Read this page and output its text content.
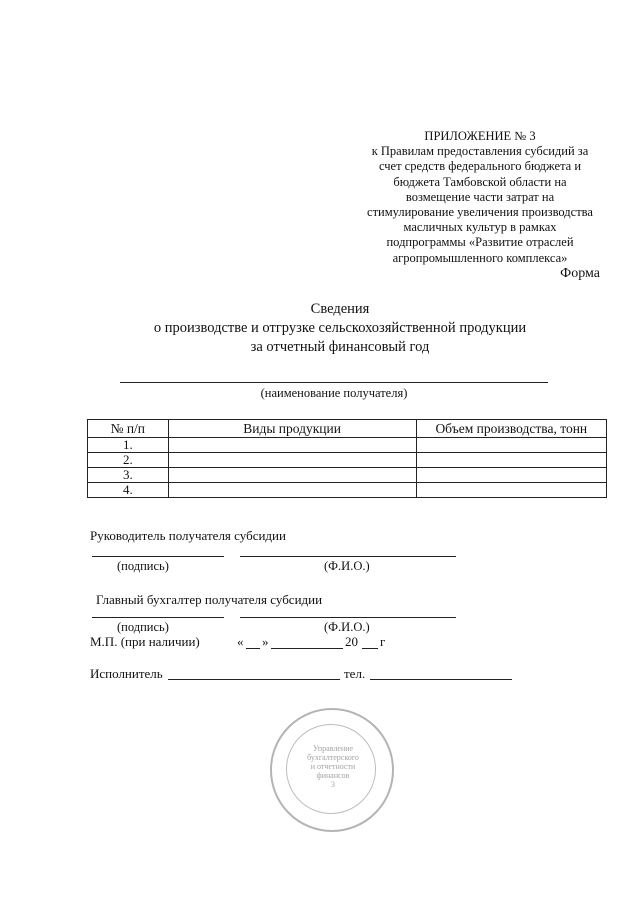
ПРИЛОЖЕНИЕ № 3
к Правилам предоставления субсидий за
счет средств федерального бюджета и
бюджета Тамбовской области на
возмещение части затрат на
стимулирование увеличения производства
масличных культур в рамках
подпрограммы «Развитие отраслей
агропромышленного комплекса»
Форма
Сведения
о производстве и отгрузке сельскохозяйственной продукции
за отчетный финансовый год
(наименование получателя)
№ п/п	Виды продукции	Объем производства, тонн
1.		
2.		
3.		
4.		
Руководитель получателя субсидии
(подпись)	(Ф.И.О.)
Главный бухгалтер получателя субсидии
(подпись)	(Ф.И.О.)
М.П. (при наличии)	« »	20 г
Исполнитель	тел.
Управление
бухгалтерского
и отчетности
финансов
3
